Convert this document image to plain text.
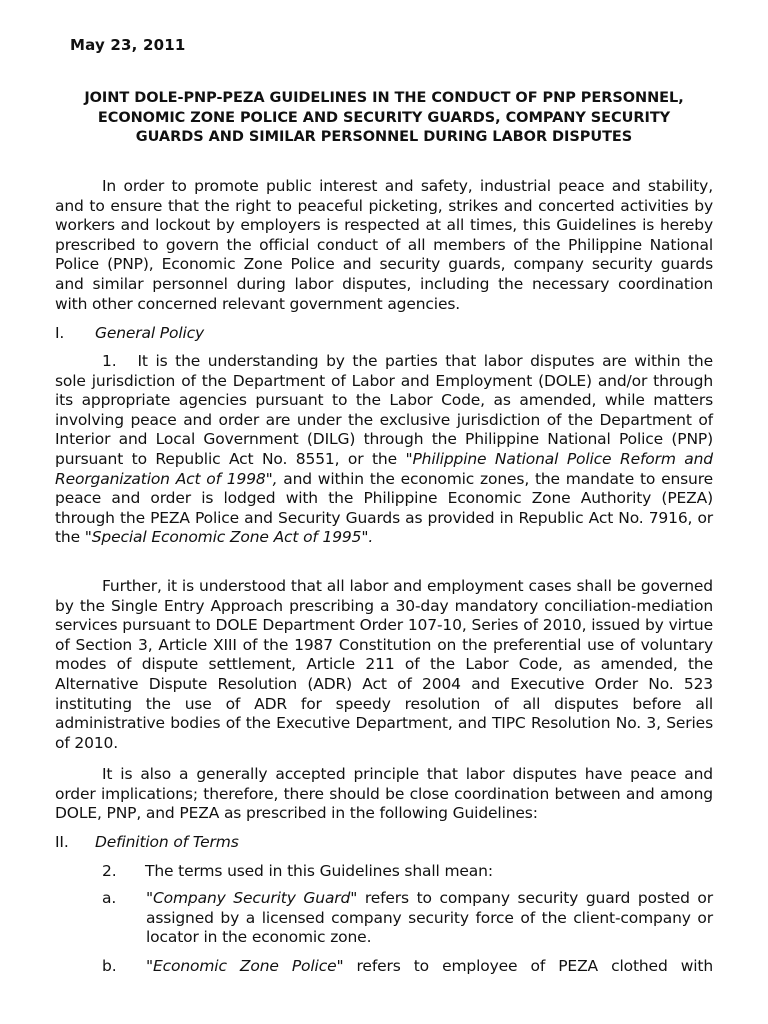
May 23, 2011
JOINT DOLE-PNP-PEZA GUIDELINES IN THE CONDUCT OF PNP PERSONNEL,
ECONOMIC ZONE POLICE AND SECURITY GUARDS, COMPANY SECURITY
GUARDS AND SIMILAR PERSONNEL DURING LABOR DISPUTES

In order to promote public interest and safety, industrial peace and stability, and to ensure that the right to peaceful picketing, strikes and concerted activities by workers and lockout by employers is respected at all times, this Guidelines is hereby prescribed to govern the official conduct of all members of the Philippine National Police (PNP), Economic Zone Police and security guards, company security guards and similar personnel during labor disputes, including the necessary coordination with other concerned relevant government agencies.

I. General Policy

1. It is the understanding by the parties that labor disputes are within the sole jurisdiction of the Department of Labor and Employment (DOLE) and/or through its appropriate agencies pursuant to the Labor Code, as amended, while matters involving peace and order are under the exclusive jurisdiction of the Department of Interior and Local Government (DILG) through the Philippine National Police (PNP) pursuant to Republic Act No. 8551, or the "Philippine National Police Reform and Reorganization Act of 1998", and within the economic zones, the mandate to ensure peace and order is lodged with the Philippine Economic Zone Authority (PEZA) through the PEZA Police and Security Guards as provided in Republic Act No. 7916, or the "Special Economic Zone Act of 1995".

Further, it is understood that all labor and employment cases shall be governed by the Single Entry Approach prescribing a 30-day mandatory conciliation-mediation services pursuant to DOLE Department Order 107-10, Series of 2010, issued by virtue of Section 3, Article XIII of the 1987 Constitution on the preferential use of voluntary modes of dispute settlement, Article 211 of the Labor Code, as amended, the Alternative Dispute Resolution (ADR) Act of 2004 and Executive Order No. 523 instituting the use of ADR for speedy resolution of all disputes before all administrative bodies of the Executive Department, and TIPC Resolution No. 3, Series of 2010.

It is also a generally accepted principle that labor disputes have peace and order implications; therefore, there should be close coordination between and among DOLE, PNP, and PEZA as prescribed in the following Guidelines:

II. Definition of Terms
2. The terms used in this Guidelines shall mean:
a. "Company Security Guard" refers to company security guard posted or assigned by a licensed company security force of the client-company or locator in the economic zone.
b. "Economic Zone Police" refers to employee of PEZA clothed with
